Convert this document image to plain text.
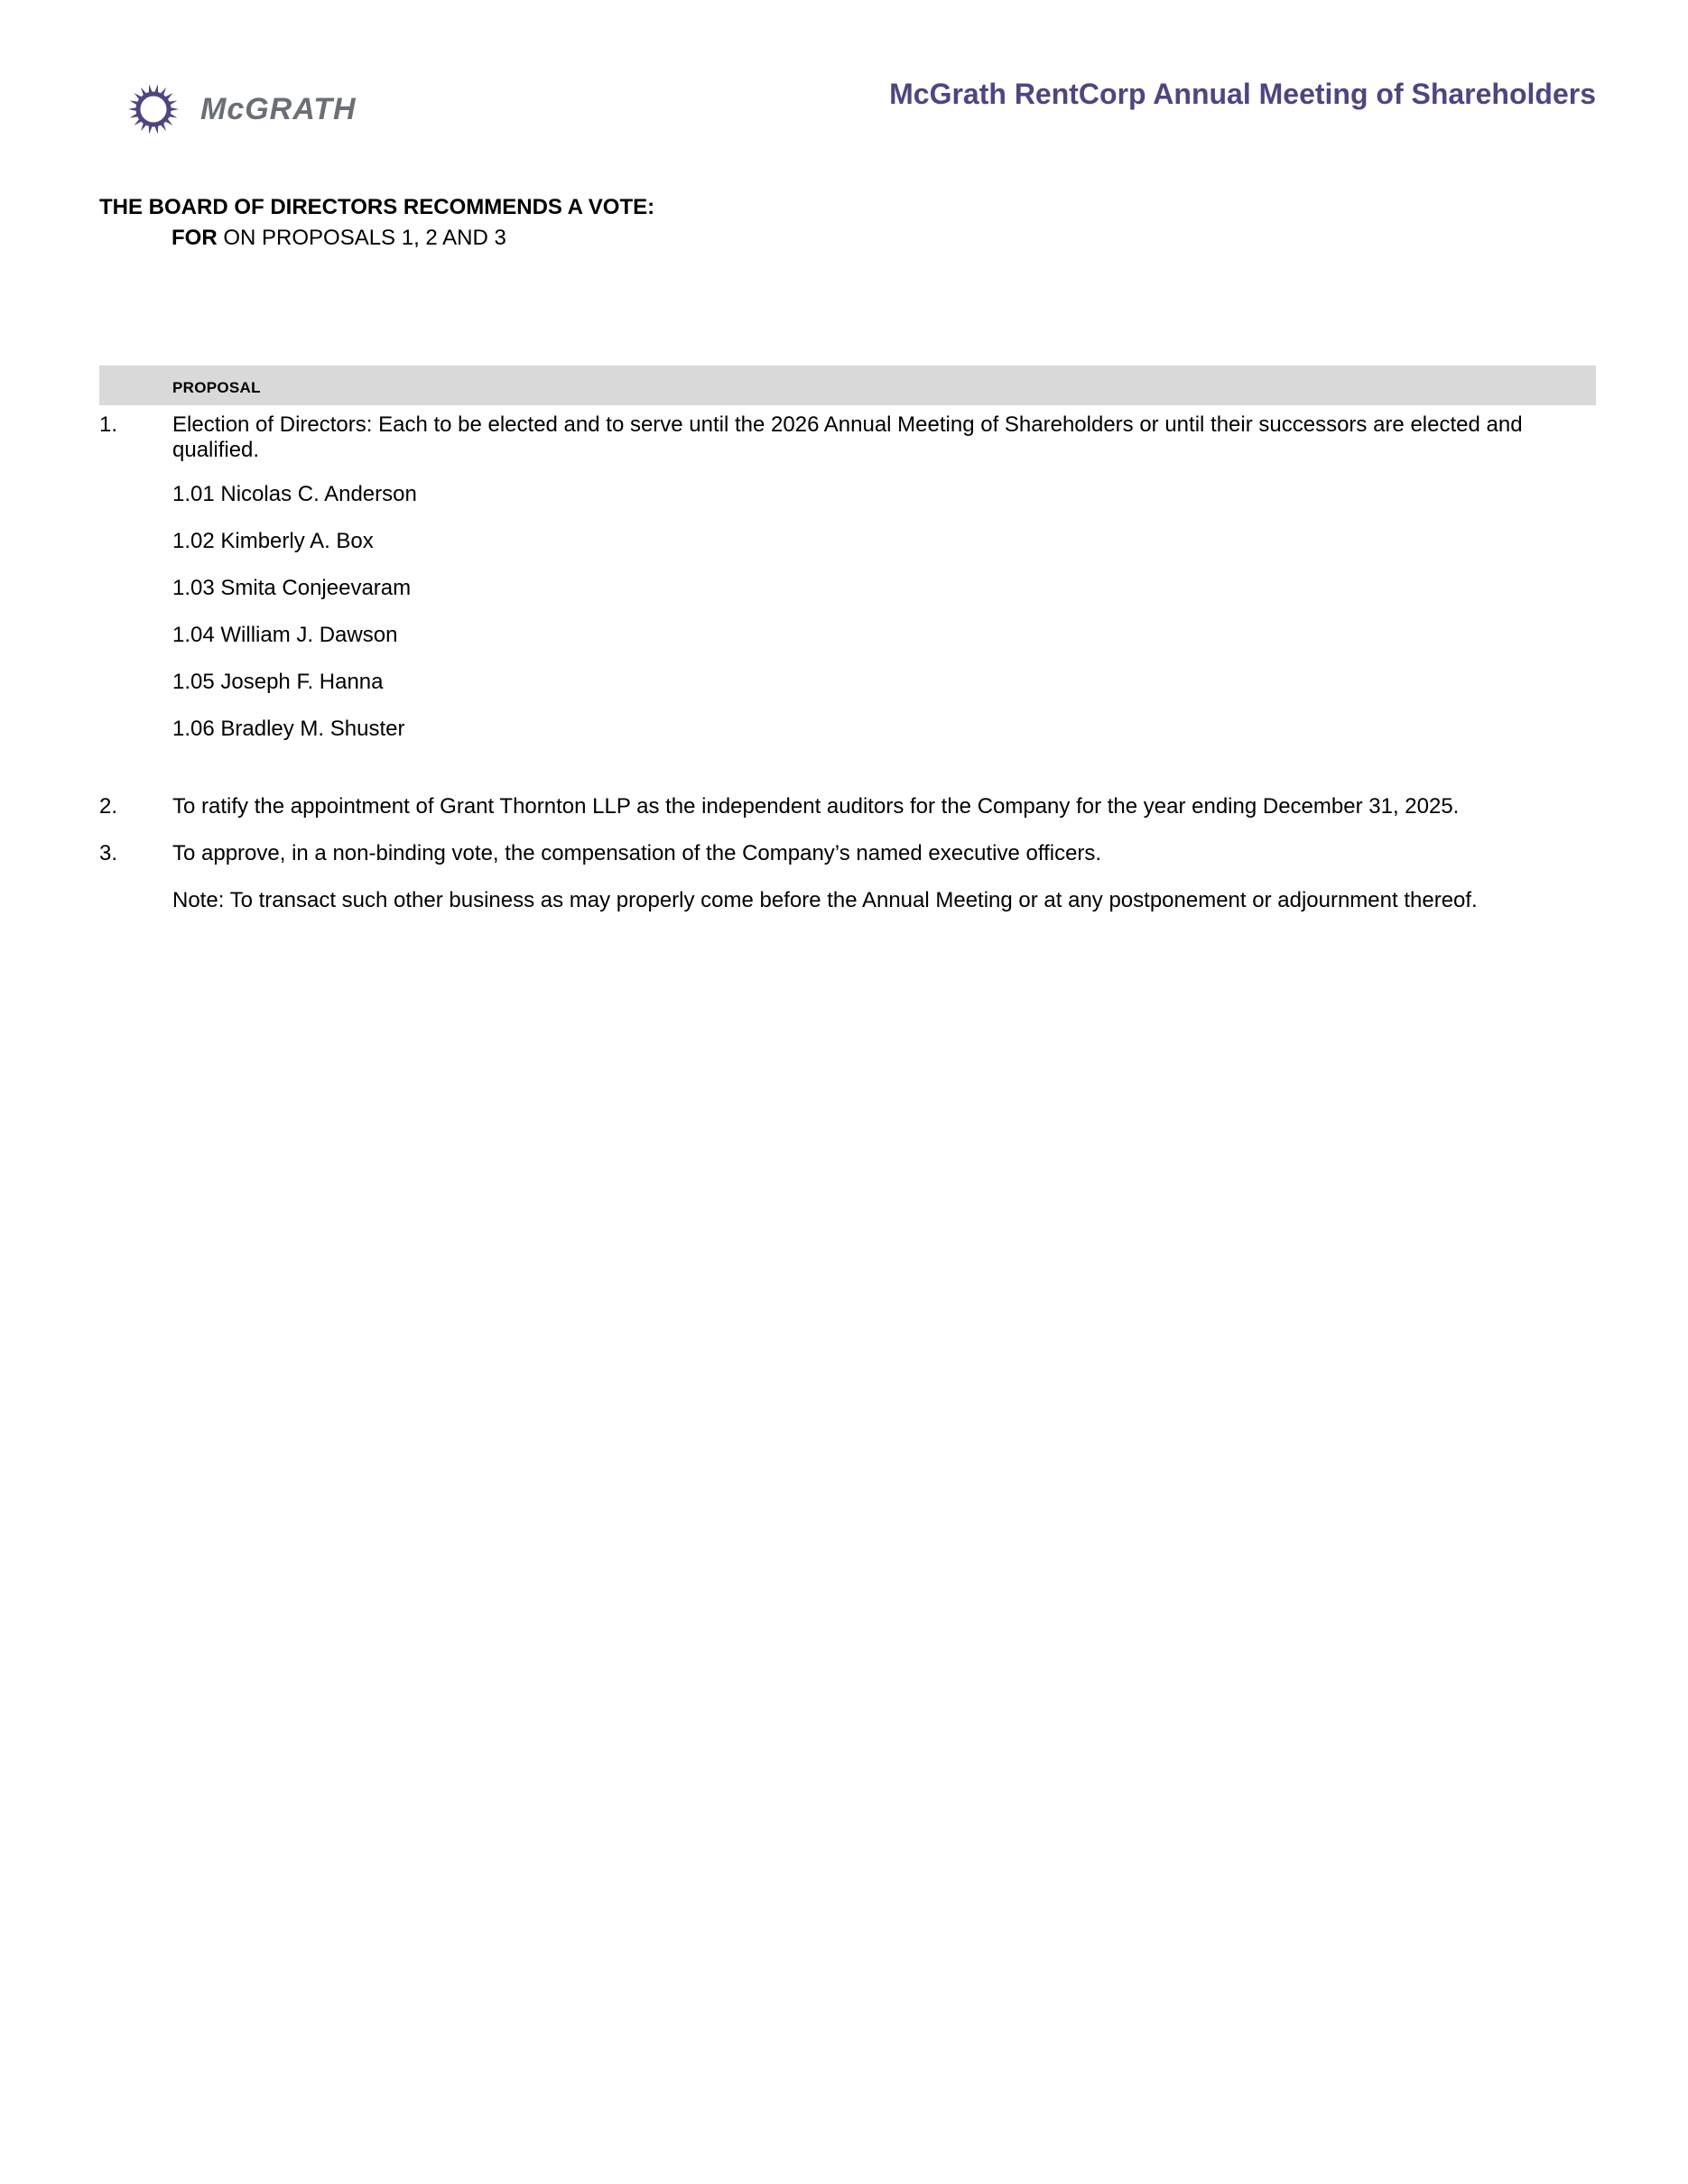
McGRATH	McGrath RentCorp Annual Meeting of Shareholders
THE BOARD OF DIRECTORS RECOMMENDS A VOTE:
FOR ON PROPOSALS 1, 2 AND 3
PROPOSAL
1.	Election of Directors: Each to be elected and to serve until the 2026 Annual Meeting of Shareholders or until their successors are elected and qualified.
1.01 Nicolas C. Anderson
1.02 Kimberly A. Box
1.03 Smita Conjeevaram
1.04 William J. Dawson
1.05 Joseph F. Hanna
1.06 Bradley M. Shuster
2.	To ratify the appointment of Grant Thornton LLP as the independent auditors for the Company for the year ending December 31, 2025.
3.	To approve, in a non-binding vote, the compensation of the Company’s named executive officers.
Note: To transact such other business as may properly come before the Annual Meeting or at any postponement or adjournment thereof.
